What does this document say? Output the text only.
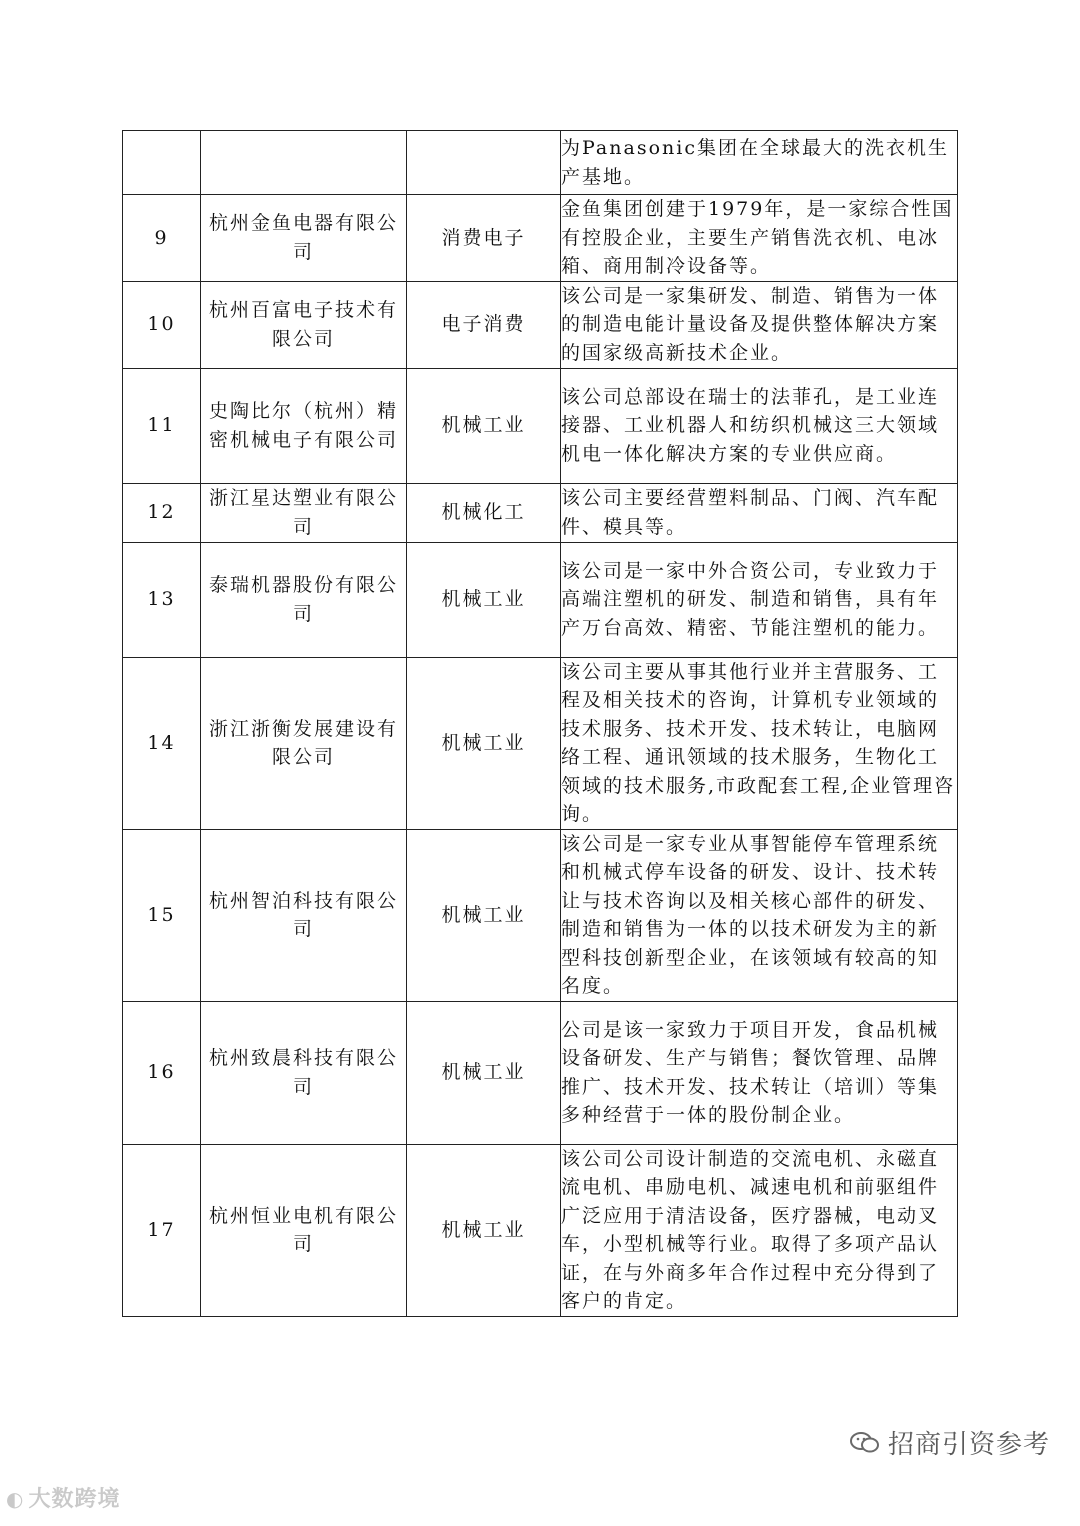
			为Panasonic集团在全球最大的洗衣机生产基地。
9	杭州金鱼电器有限公司	消费电子	金鱼集团创建于1979年，是一家综合性国有控股企业，主要生产销售洗衣机、电冰箱、商用制冷设备等。
10	杭州百富电子技术有限公司	电子消费	该公司是一家集研发、制造、销售为一体的制造电能计量设备及提供整体解决方案的国家级高新技术企业。
11	史陶比尔（杭州）精密机械电子有限公司	机械工业	该公司总部设在瑞士的法菲孔，是工业连接器、工业机器人和纺织机械这三大领域机电一体化解决方案的专业供应商。
12	浙江星达塑业有限公司	机械化工	该公司主要经营塑料制品、门阀、汽车配件、模具等。
13	泰瑞机器股份有限公司	机械工业	该公司是一家中外合资公司，专业致力于高端注塑机的研发、制造和销售，具有年产万台高效、精密、节能注塑机的能力。
14	浙江浙衡发展建设有限公司	机械工业	该公司主要从事其他行业并主营服务、工程及相关技术的咨询，计算机专业领域的技术服务、技术开发、技术转让，电脑网络工程、通讯领域的技术服务，生物化工领域的技术服务,市政配套工程,企业管理咨询。
15	杭州智泊科技有限公司	机械工业	该公司是一家专业从事智能停车管理系统和机械式停车设备的研发、设计、技术转让与技术咨询以及相关核心部件的研发、制造和销售为一体的以技术研发为主的新型科技创新型企业，在该领域有较高的知名度。
16	杭州致晨科技有限公司	机械工业	公司是该一家致力于项目开发，食品机械设备研发、生产与销售；餐饮管理、品牌推广、技术开发、技术转让（培训）等集多种经营于一体的股份制企业。
17	杭州恒业电机有限公司	机械工业	该公司公司设计制造的交流电机、永磁直流电机、串励电机、减速电机和前驱组件广泛应用于清洁设备，医疗器械，电动叉车，小型机械等行业。取得了多项产品认证，在与外商多年合作过程中充分得到了客户的肯定。
招商引资参考
◐ 大数跨境
